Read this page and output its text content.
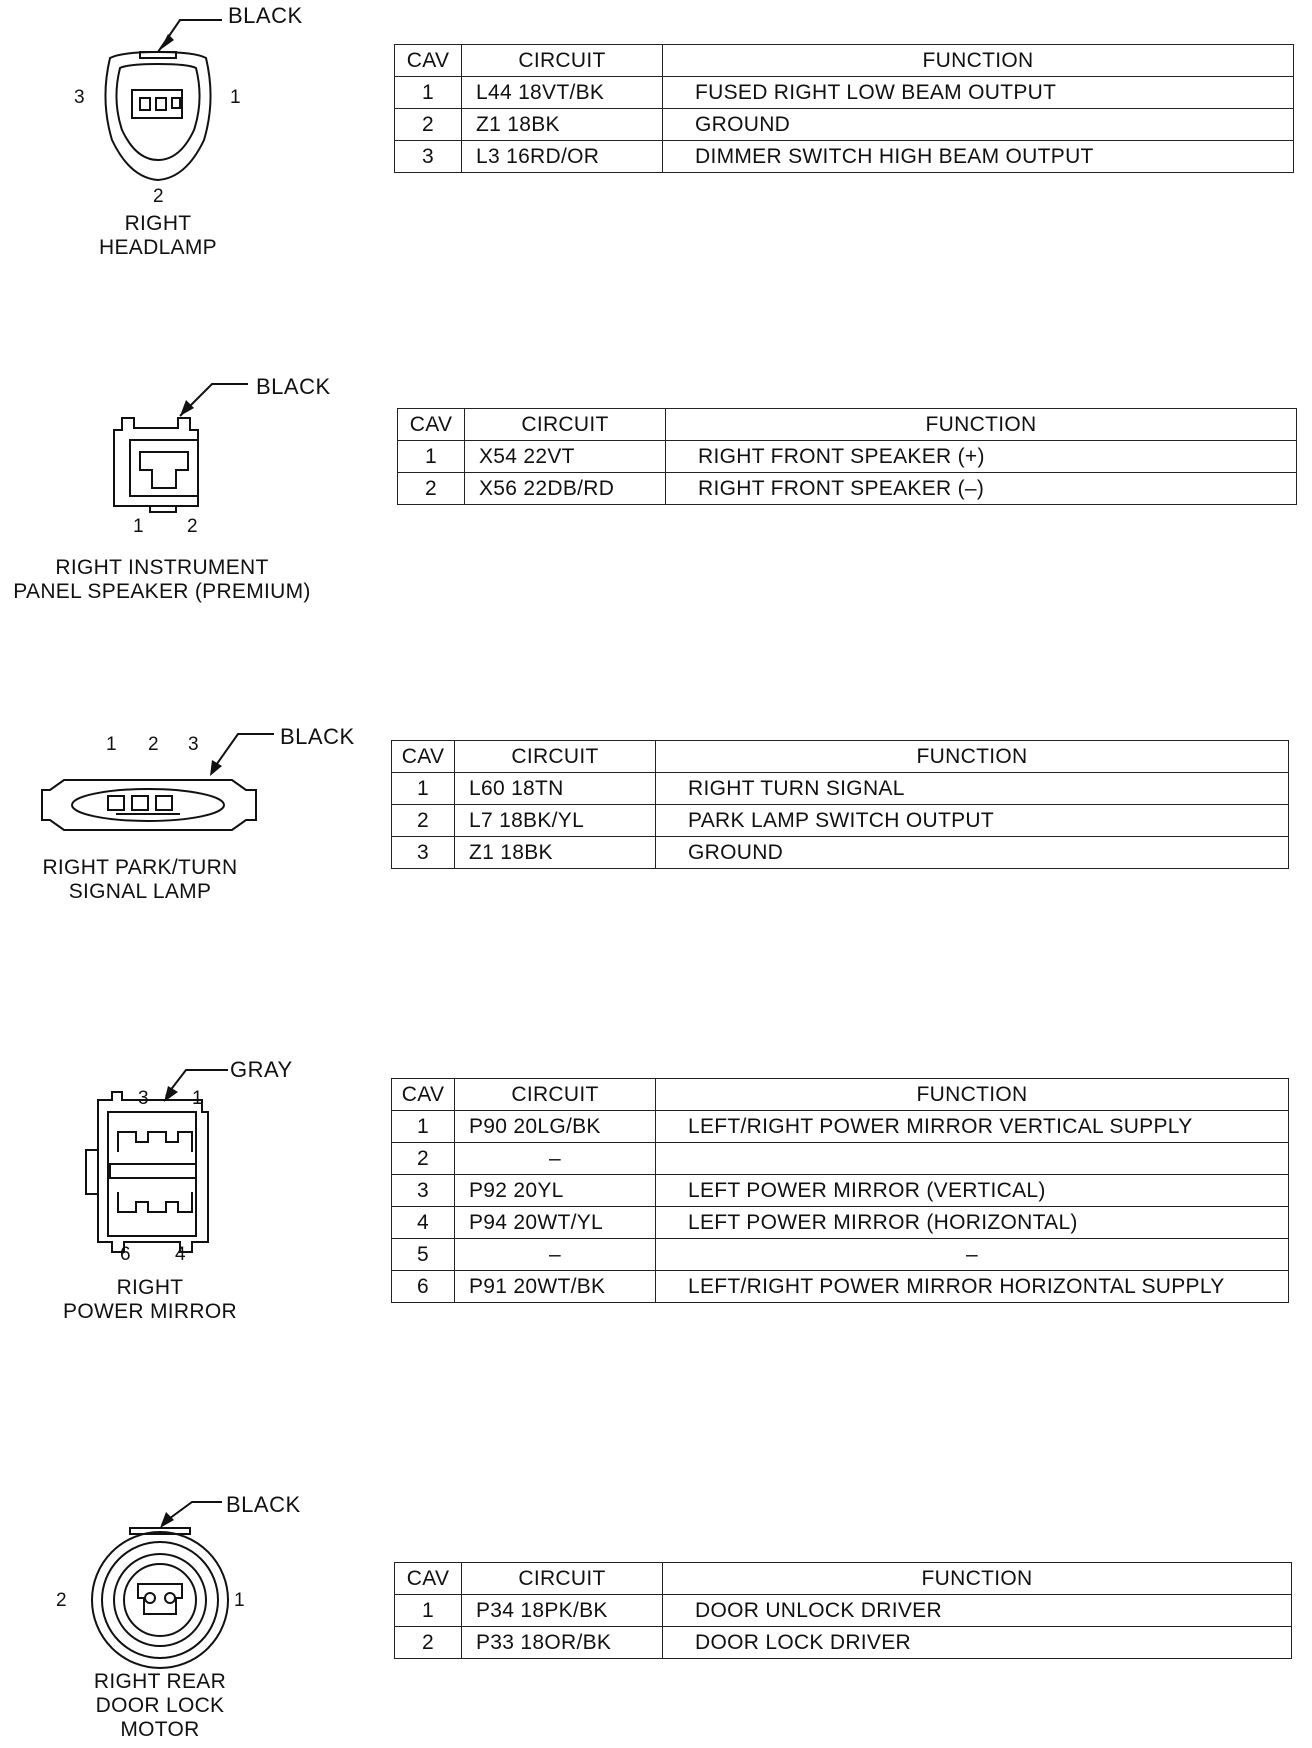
BLACK
3	1
2
RIGHT
HEADLAMP
CAV	CIRCUIT	FUNCTION
1	L44 18VT/BK	FUSED RIGHT LOW BEAM OUTPUT
2	Z1 18BK	GROUND
3	L3 16RD/OR	DIMMER SWITCH HIGH BEAM OUTPUT
BLACK
1 2
RIGHT INSTRUMENT
PANEL SPEAKER (PREMIUM)
CAV	CIRCUIT	FUNCTION
1	X54 22VT	RIGHT FRONT SPEAKER (+)
2	X56 22DB/RD	RIGHT FRONT SPEAKER (–)
BLACK
1 2 3
RIGHT PARK/TURN
SIGNAL LAMP
CAV	CIRCUIT	FUNCTION
1	L60 18TN	RIGHT TURN SIGNAL
2	L7 18BK/YL	PARK LAMP SWITCH OUTPUT
3	Z1 18BK	GROUND
GRAY
3 1
6 4
RIGHT
POWER MIRROR
CAV	CIRCUIT	FUNCTION
1	P90 20LG/BK	LEFT/RIGHT POWER MIRROR VERTICAL SUPPLY
2	–	
3	P92 20YL	LEFT POWER MIRROR (VERTICAL)
4	P94 20WT/YL	LEFT POWER MIRROR (HORIZONTAL)
5	–	–
6	P91 20WT/BK	LEFT/RIGHT POWER MIRROR HORIZONTAL SUPPLY
BLACK
2	1
RIGHT REAR
DOOR LOCK
MOTOR
CAV	CIRCUIT	FUNCTION
1	P34 18PK/BK	DOOR UNLOCK DRIVER
2	P33 18OR/BK	DOOR LOCK DRIVER
